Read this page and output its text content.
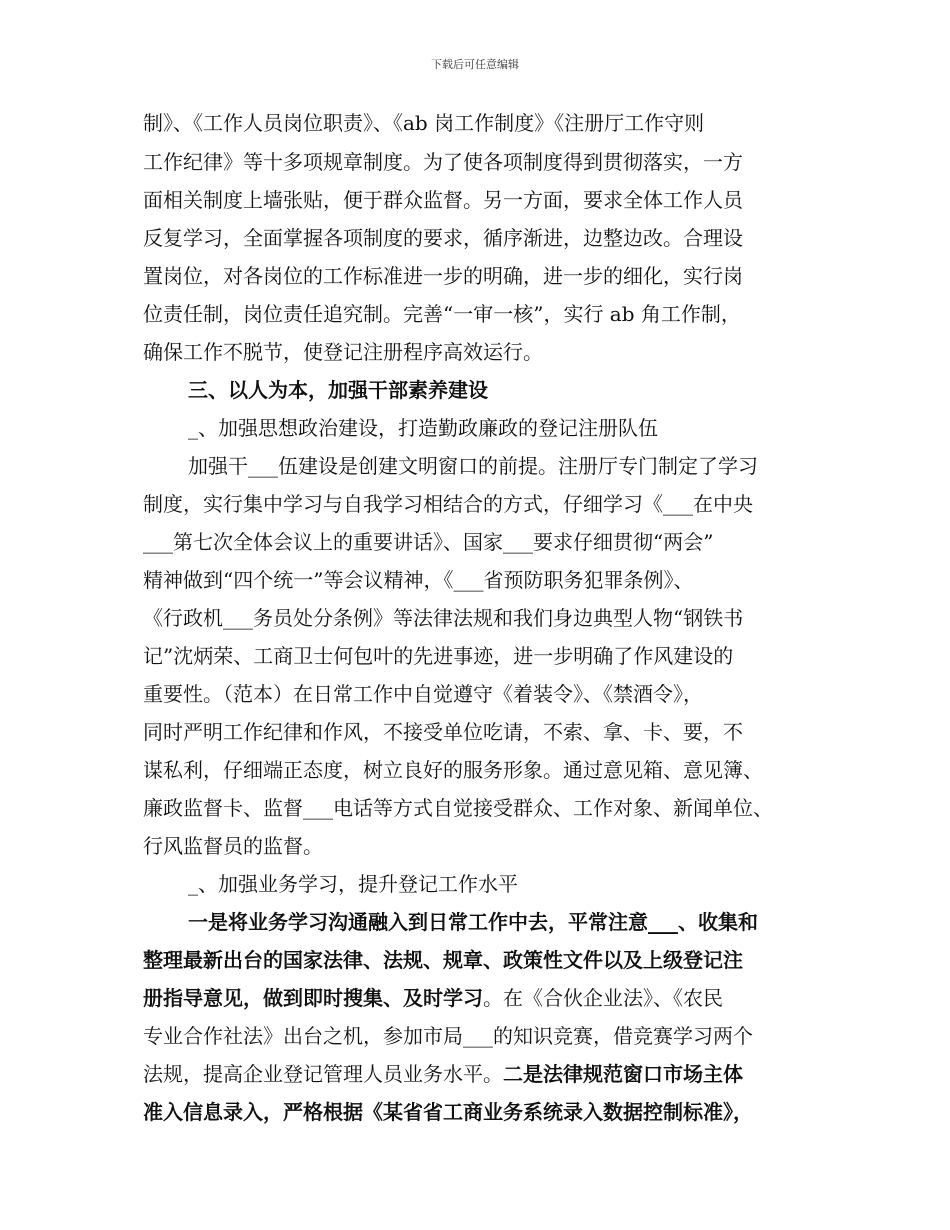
下载后可任意编辑
制》、《工作人员岗位职责》、《ab 岗工作制度》《注册厅工作守则
工作纪律》等十多项规章制度。为了使各项制度得到贯彻落实，一方
面相关制度上墙张贴，便于群众监督。另一方面，要求全体工作人员
反复学习，全面掌握各项制度的要求，循序渐进，边整边改。合理设
置岗位，对各岗位的工作标准进一步的明确，进一步的细化，实行岗
位责任制，岗位责任追究制。完善“一审一核”，实行 ab 角工作制，
确保工作不脱节，使登记注册程序高效运行。
三、以人为本，加强干部素养建设
_、加强思想政治建设，打造勤政廉政的登记注册队伍
加强干___伍建设是创建文明窗口的前提。注册厅专门制定了学习
制度，实行集中学习与自我学习相结合的方式，仔细学习《___在中央
___第七次全体会议上的重要讲话》、国家___要求仔细贯彻“两会”
精神做到“四个统一”等会议精神，《___省预防职务犯罪条例》、
《行政机___务员处分条例》等法律法规和我们身边典型人物“钢铁书
记”沈炳荣、工商卫士何包叶的先进事迹，进一步明确了作风建设的
重要性。（范本）在日常工作中自觉遵守《着装令》、《禁酒令》，
同时严明工作纪律和作风，不接受单位吃请，不索、拿、卡、要，不
谋私利，仔细端正态度，树立良好的服务形象。通过意见箱、意见簿、
廉政监督卡、监督___电话等方式自觉接受群众、工作对象、新闻单位、
行风监督员的监督。
_、加强业务学习，提升登记工作水平
一是将业务学习沟通融入到日常工作中去，平常注意___、收集和
整理最新出台的国家法律、法规、规章、政策性文件以及上级登记注
册指导意见，做到即时搜集、及时学习。在《合伙企业法》、《农民
专业合作社法》出台之机，参加市局___的知识竞赛，借竞赛学习两个
法规，提高企业登记管理人员业务水平。二是法律规范窗口市场主体
准入信息录入，严格根据《某省省工商业务系统录入数据控制标准》，
